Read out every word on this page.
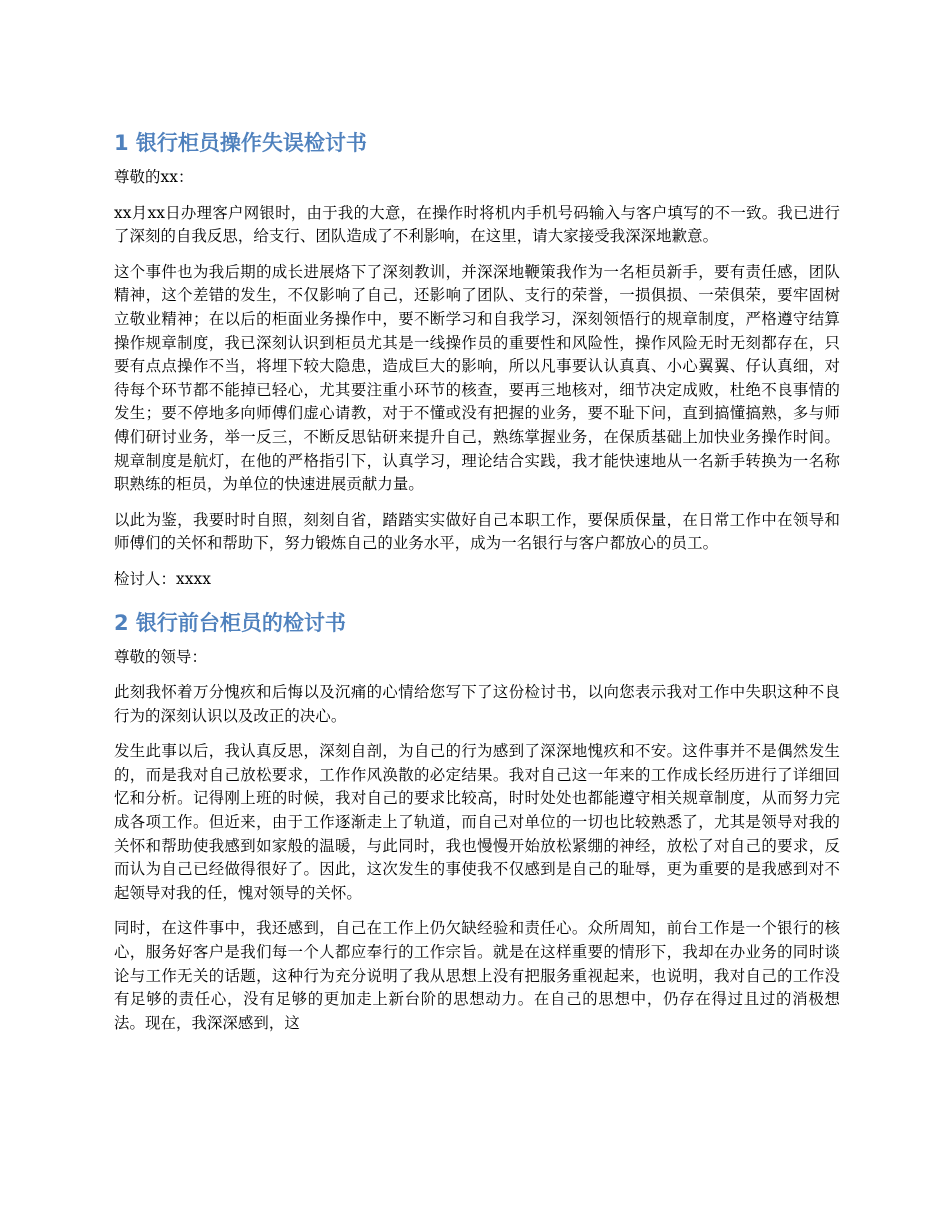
1 银行柜员操作失误检讨书

尊敬的xx：

xx月xx日办理客户网银时，由于我的大意，在操作时将机内手机号码输入与客户填写的不一致。我已进行了深刻的自我反思，给支行、团队造成了不利影响，在这里，请大家接受我深深地歉意。

这个事件也为我后期的成长进展烙下了深刻教训，并深深地鞭策我作为一名柜员新手，要有责任感，团队精神，这个差错的发生，不仅影响了自己，还影响了团队、支行的荣誉，一损俱损、一荣俱荣，要牢固树立敬业精神；在以后的柜面业务操作中，要不断学习和自我学习，深刻领悟行的规章制度，严格遵守结算操作规章制度，我已深刻认识到柜员尤其是一线操作员的重要性和风险性，操作风险无时无刻都存在，只要有点点操作不当，将埋下较大隐患，造成巨大的影响，所以凡事要认认真真、小心翼翼、仔认真细，对待每个环节都不能掉已轻心，尤其要注重小环节的核查，要再三地核对，细节决定成败，杜绝不良事情的发生；要不停地多向师傅们虚心请教，对于不懂或没有把握的业务，要不耻下问，直到搞懂搞熟，多与师傅们研讨业务，举一反三，不断反思钻研来提升自己，熟练掌握业务，在保质基础上加快业务操作时间。规章制度是航灯，在他的严格指引下，认真学习，理论结合实践，我才能快速地从一名新手转换为一名称职熟练的柜员，为单位的快速进展贡献力量。

以此为鉴，我要时时自照，刻刻自省，踏踏实实做好自己本职工作，要保质保量，在日常工作中在领导和师傅们的关怀和帮助下，努力锻炼自己的业务水平，成为一名银行与客户都放心的员工。

检讨人：xxxx

2 银行前台柜员的检讨书

尊敬的领导：

此刻我怀着万分愧疚和后悔以及沉痛的心情给您写下了这份检讨书，以向您表示我对工作中失职这种不良行为的深刻认识以及改正的决心。

发生此事以后，我认真反思，深刻自剖，为自己的行为感到了深深地愧疚和不安。这件事并不是偶然发生的，而是我对自己放松要求，工作作风涣散的必定结果。我对自己这一年来的工作成长经历进行了详细回忆和分析。记得刚上班的时候，我对自己的要求比较高，时时处处也都能遵守相关规章制度，从而努力完成各项工作。但近来，由于工作逐渐走上了轨道，而自己对单位的一切也比较熟悉了，尤其是领导对我的关怀和帮助使我感到如家般的温暖，与此同时，我也慢慢开始放松紧绷的神经，放松了对自己的要求，反而认为自己已经做得很好了。因此，这次发生的事使我不仅感到是自己的耻辱，更为重要的是我感到对不起领导对我的任，愧对领导的关怀。

同时，在这件事中，我还感到，自己在工作上仍欠缺经验和责任心。众所周知，前台工作是一个银行的核心，服务好客户是我们每一个人都应奉行的工作宗旨。就是在这样重要的情形下，我却在办业务的同时谈论与工作无关的话题，这种行为充分说明了我从思想上没有把服务重视起来，也说明，我对自己的工作没有足够的责任心，没有足够的更加走上新台阶的思想动力。在自己的思想中，仍存在得过且过的消极想法。现在，我深深感到，这
